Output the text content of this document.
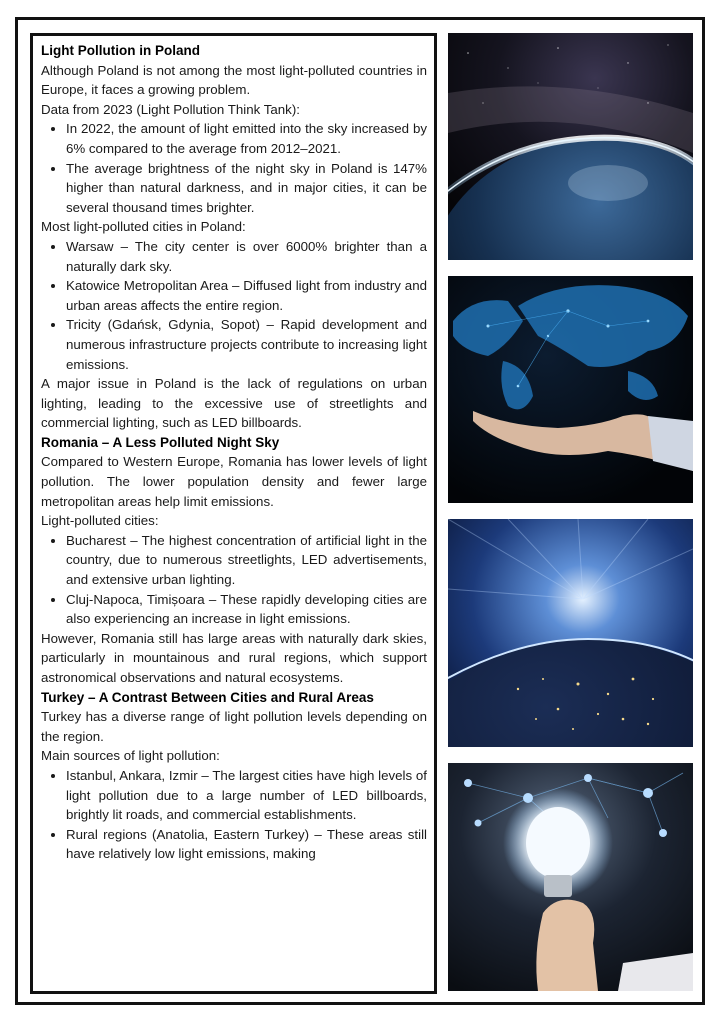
Light Pollution in Poland

Although Poland is not among the most light-polluted countries in Europe, it faces a growing problem.

Data from 2023 (Light Pollution Think Tank):

• In 2022, the amount of light emitted into the sky increased by 6% compared to the average from 2012–2021.
• The average brightness of the night sky in Poland is 147% higher than natural darkness, and in major cities, it can be several thousand times brighter.

Most light-polluted cities in Poland:

• Warsaw – The city center is over 6000% brighter than a naturally dark sky.
• Katowice Metropolitan Area – Diffused light from industry and urban areas affects the entire region.
• Tricity (Gdańsk, Gdynia, Sopot) – Rapid development and numerous infrastructure projects contribute to increasing light emissions.

A major issue in Poland is the lack of regulations on urban lighting, leading to the excessive use of streetlights and commercial lighting, such as LED billboards.

Romania – A Less Polluted Night Sky

Compared to Western Europe, Romania has lower levels of light pollution. The lower population density and fewer large metropolitan areas help limit emissions.

Light-polluted cities:

• Bucharest – The highest concentration of artificial light in the country, due to numerous streetlights, LED advertisements, and extensive urban lighting.
• Cluj-Napoca, Timișoara – These rapidly developing cities are also experiencing an increase in light emissions.

However, Romania still has large areas with naturally dark skies, particularly in mountainous and rural regions, which support astronomical observations and natural ecosystems.

Turkey – A Contrast Between Cities and Rural Areas

Turkey has a diverse range of light pollution levels depending on the region.

Main sources of light pollution:

• Istanbul, Ankara, Izmir – The largest cities have high levels of light pollution due to a large number of LED billboards, brightly lit roads, and commercial establishments.
• Rural regions (Anatolia, Eastern Turkey) – These areas still have relatively low light emissions, making
